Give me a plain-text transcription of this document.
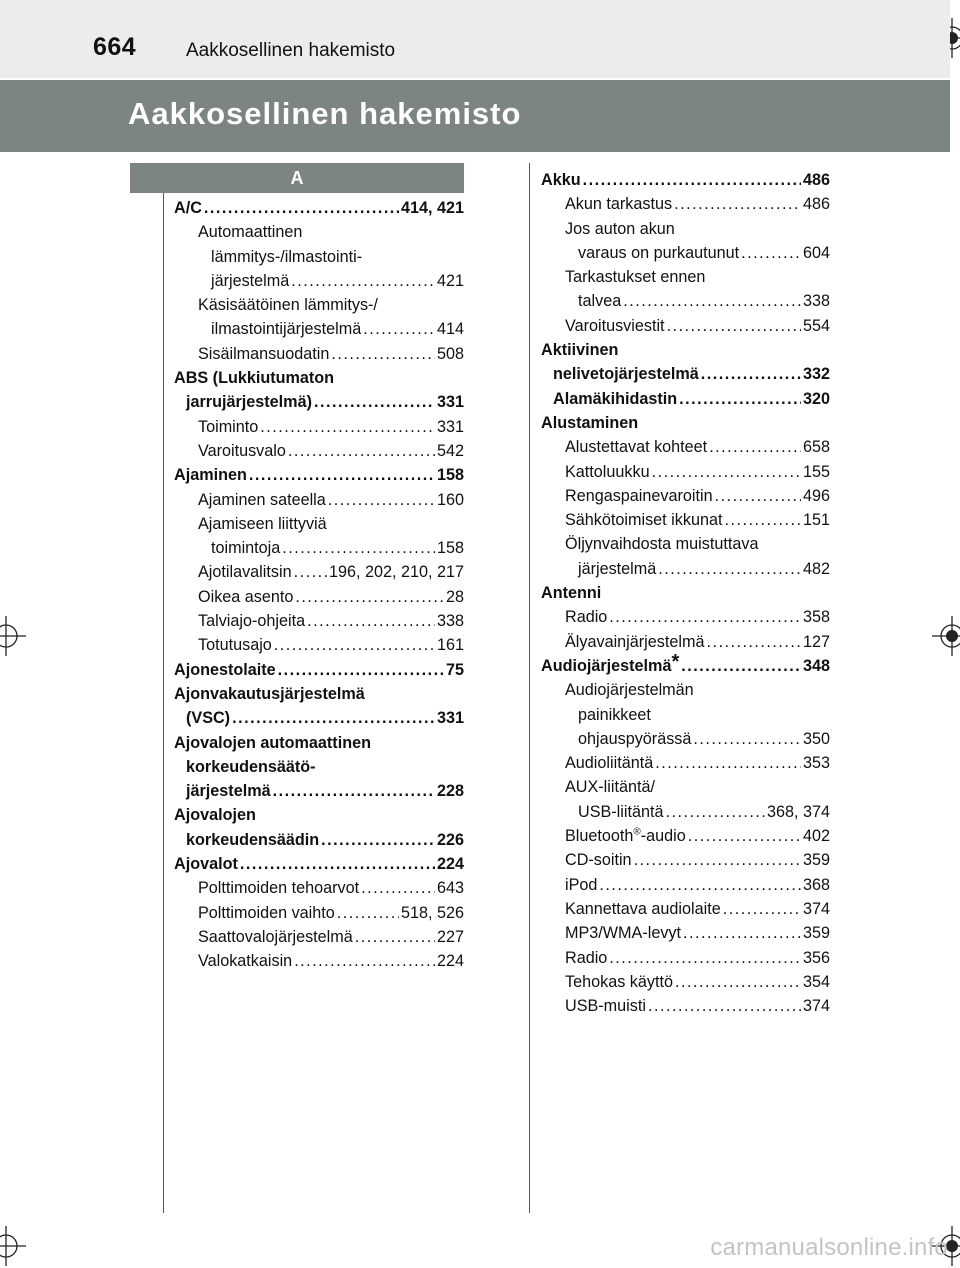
664	Aakkosellinen hakemisto
Aakkosellinen hakemisto
A
A/C .....	414, 421
Automaattinen
lämmitys-/ilmastointi-
järjestelmä .....	421
Käsisäätöinen lämmitys-/
ilmastointijärjestelmä .....	414
Sisäilmansuodatin .....	508
ABS (Lukkiutumaton
jarrujärjestelmä) .....	331
Toiminto .....	331
Varoitusvalo .....	542
Ajaminen .....	158
Ajaminen sateella .....	160
Ajamiseen liittyviä
toimintoja .....	158
Ajotilavalitsin ..... 196, 202, 210, 217
Oikea asento .....	28
Talviajo-ohjeita .....	338
Totutusajo .....	161
Ajonestolaite .....	75
Ajonvakautusjärjestelmä
(VSC) .....	331
Ajovalojen automaattinen
korkeudensäätö-
järjestelmä .....	228
Ajovalojen
korkeudensäädin .....	226
Ajovalot .....	224
Polttimoiden tehoarvot .....	643
Polttimoiden vaihto .....	518, 526
Saattovalojärjestelmä .....	227
Valokatkaisin .....	224
Akku .....	486
Akun tarkastus .....	486
Jos auton akun
varaus on purkautunut .....	604
Tarkastukset ennen
talvea .....	338
Varoitusviestit .....	554
Aktiivinen
nelivetojärjestelmä .....	332
Alamäkihidastin .....	320
Alustaminen
Alustettavat kohteet .....	658
Kattoluukku .....	155
Rengaspainevaroitin .....	496
Sähkötoimiset ikkunat .....	151
Öljynvaihdosta muistuttava
järjestelmä .....	482
Antenni
Radio .....	358
Älyavainjärjestelmä .....	127
Audiojärjestelmä* .....	348
Audiojärjestelmän
painikkeet
ohjauspyörässä .....	350
Audioliitäntä .....	353
AUX-liitäntä/
USB-liitäntä .....	368, 374
Bluetooth®-audio .....	402
CD-soitin .....	359
iPod .....	368
Kannettava audiolaite .....	374
MP3/WMA-levyt .....	359
Radio .....	356
Tehokas käyttö .....	354
USB-muisti .....	374
carmanualsonline.info
